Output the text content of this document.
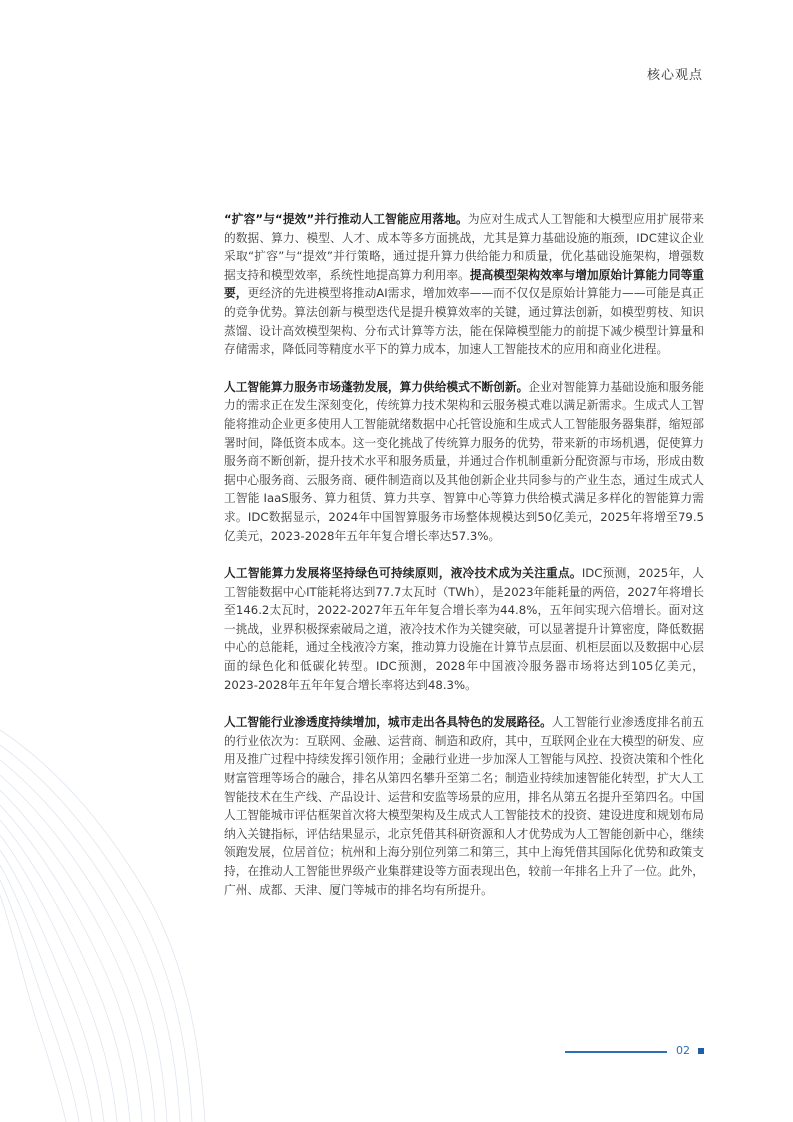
核心观点

“扩容”与“提效”并行推动人工智能应用落地。为应对生成式人工智能和大模型应用扩展带来的数据、算力、模型、人才、成本等多方面挑战，尤其是算力基础设施的瓶颈，IDC建议企业采取“扩容”与“提效”并行策略，通过提升算力供给能力和质量，优化基础设施架构，增强数据支持和模型效率，系统性地提高算力利用率。提高模型架构效率与增加原始计算能力同等重要，更经济的先进模型将推动AI需求，增加效率——而不仅仅是原始计算能力——可能是真正的竞争优势。算法创新与模型迭代是提升模算效率的关键，通过算法创新，如模型剪枝、知识蒸馏、设计高效模型架构、分布式计算等方法，能在保障模型能力的前提下减少模型计算量和存储需求，降低同等精度水平下的算力成本，加速人工智能技术的应用和商业化进程。

人工智能算力服务市场蓬勃发展，算力供给模式不断创新。企业对智能算力基础设施和服务能力的需求正在发生深刻变化，传统算力技术架构和云服务模式难以满足新需求。生成式人工智能将推动企业更多使用人工智能就绪数据中心托管设施和生成式人工智能服务器集群，缩短部署时间，降低资本成本。这一变化挑战了传统算力服务的优势，带来新的市场机遇，促使算力服务商不断创新，提升技术水平和服务质量，并通过合作机制重新分配资源与市场，形成由数据中心服务商、云服务商、硬件制造商以及其他创新企业共同参与的产业生态，通过生成式人工智能 IaaS服务、算力租赁、算力共享、智算中心等算力供给模式满足多样化的智能算力需求。IDC数据显示，2024年中国智算服务市场整体规模达到50亿美元，2025年将增至79.5亿美元，2023-2028年五年年复合增长率达57.3%。

人工智能算力发展将坚持绿色可持续原则，液冷技术成为关注重点。IDC预测，2025年，人工智能数据中心IT能耗将达到77.7太瓦时（TWh），是2023年能耗量的两倍，2027年将增长至146.2太瓦时，2022-2027年五年年复合增长率为44.8%，五年间实现六倍增长。面对这一挑战，业界积极探索破局之道，液冷技术作为关键突破，可以显著提升计算密度，降低数据中心的总能耗，通过全栈液冷方案，推动算力设施在计算节点层面、机柜层面以及数据中心层面的绿色化和低碳化转型。IDC预测，2028年中国液冷服务器市场将达到105亿美元，2023-2028年五年年复合增长率将达到48.3%。

人工智能行业渗透度持续增加，城市走出各具特色的发展路径。人工智能行业渗透度排名前五的行业依次为：互联网、金融、运营商、制造和政府，其中，互联网企业在大模型的研发、应用及推广过程中持续发挥引领作用；金融行业进一步加深人工智能与风控、投资决策和个性化财富管理等场合的融合，排名从第四名攀升至第二名；制造业持续加速智能化转型，扩大人工智能技术在生产线、产品设计、运营和安监等场景的应用，排名从第五名提升至第四名。中国人工智能城市评估框架首次将大模型架构及生成式人工智能技术的投资、建设进度和规划布局纳入关键指标，评估结果显示，北京凭借其科研资源和人才优势成为人工智能创新中心，继续领跑发展，位居首位；杭州和上海分别位列第二和第三，其中上海凭借其国际化优势和政策支持，在推动人工智能世界级产业集群建设等方面表现出色，较前一年排名上升了一位。此外，广州、成都、天津、厦门等城市的排名均有所提升。

02
